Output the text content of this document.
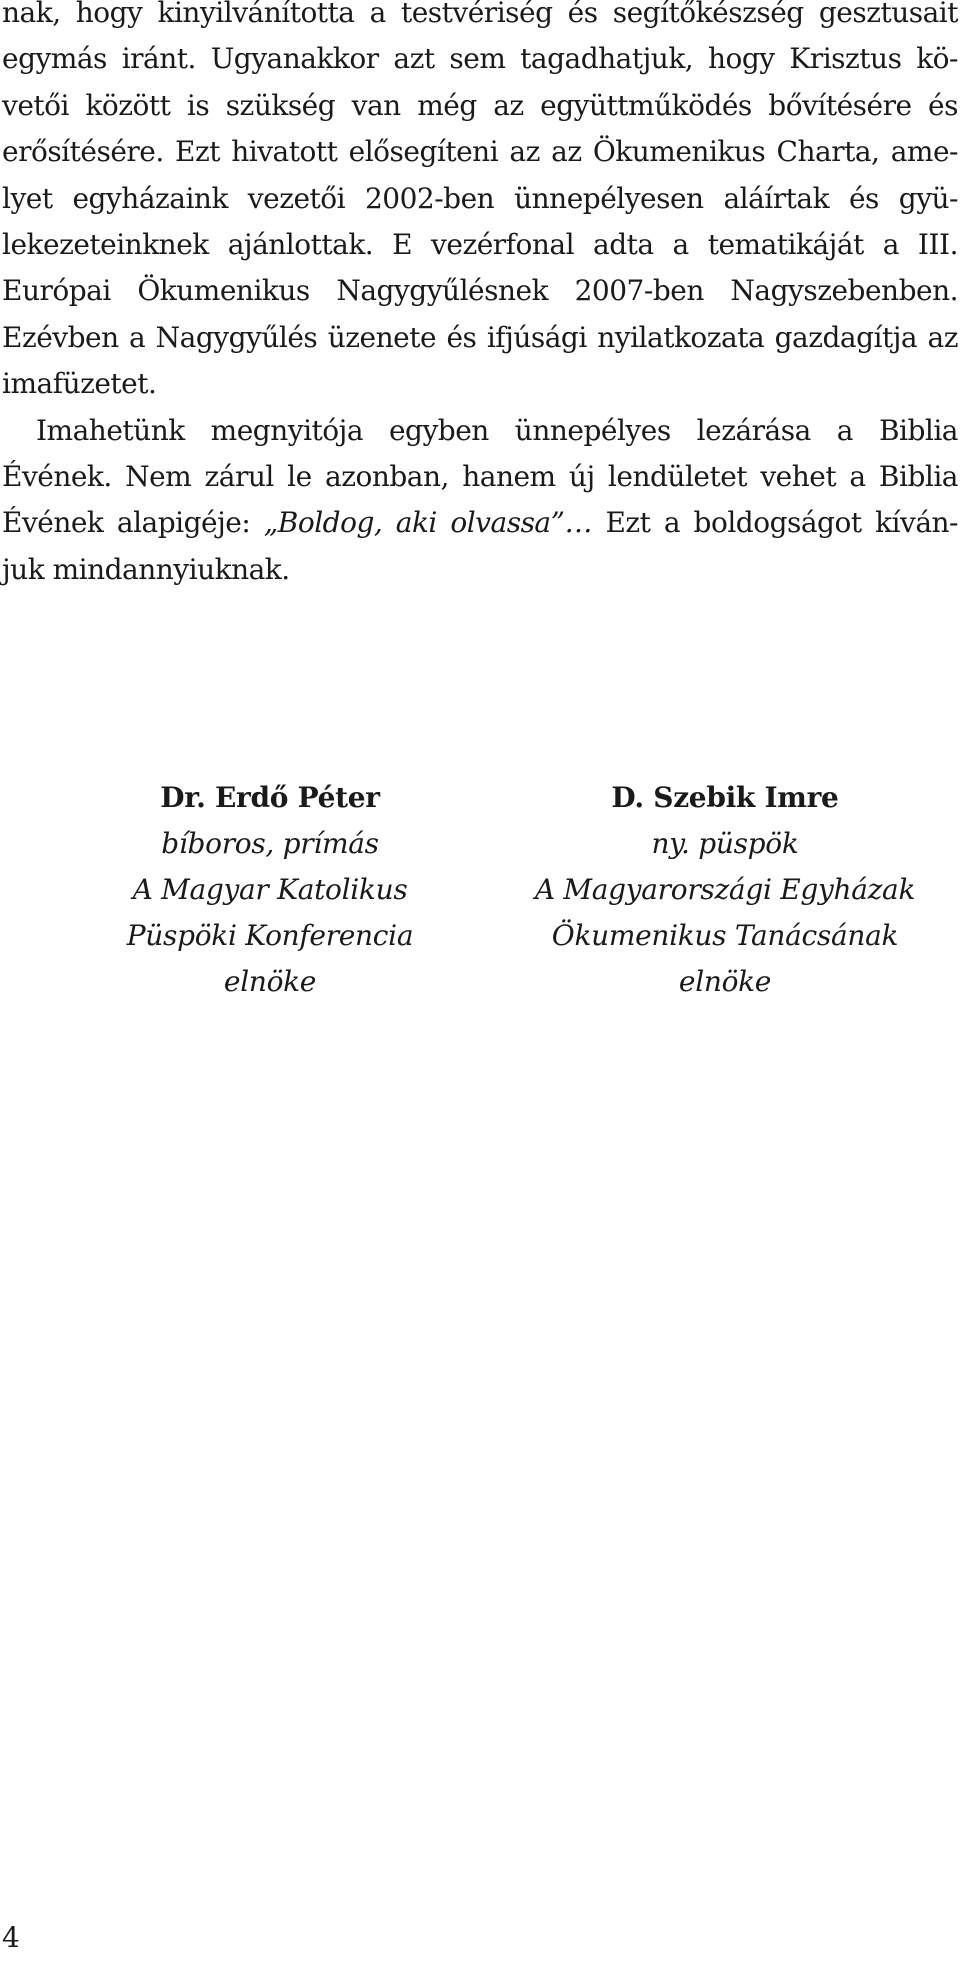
nak, hogy kinyilvánította a testvériség és segítőkészség gesztusait egymás iránt. Ugyanakkor azt sem tagadhatjuk, hogy Krisztus kö- vetői között is szükség van még az együttműködés bővítésére és erősítésére. Ezt hivatott elősegíteni az az Ökumenikus Charta, ame- lyet egyházaink vezetői 2002-ben ünnepélyesen aláírtak és gyü- lekezeteinknek ajánlottak. E vezérfonal adta a tematikáját a III. Európai Ökumenikus Nagygyűlésnek 2007-ben Nagyszebenben. Ezévben a Nagygyűlés üzenete és ifjúsági nyilatkozata gazdagítja az imafüzetet.

Imahetünk megnyitója egyben ünnepélyes lezárása a Biblia Évének. Nem zárul le azonban, hanem új lendületet vehet a Biblia Évének alapigéje: „Boldog, aki olvassa”… Ezt a boldogságot kíván- juk mindannyiuknak.

Dr. Erdő Péter
bíboros, prímás
A Magyar Katolikus
Püspöki Konferencia
elnöke
D. Szebik Imre
ny. püspök
A Magyarországi Egyházak
Ökumenikus Tanácsának
elnöke
4
